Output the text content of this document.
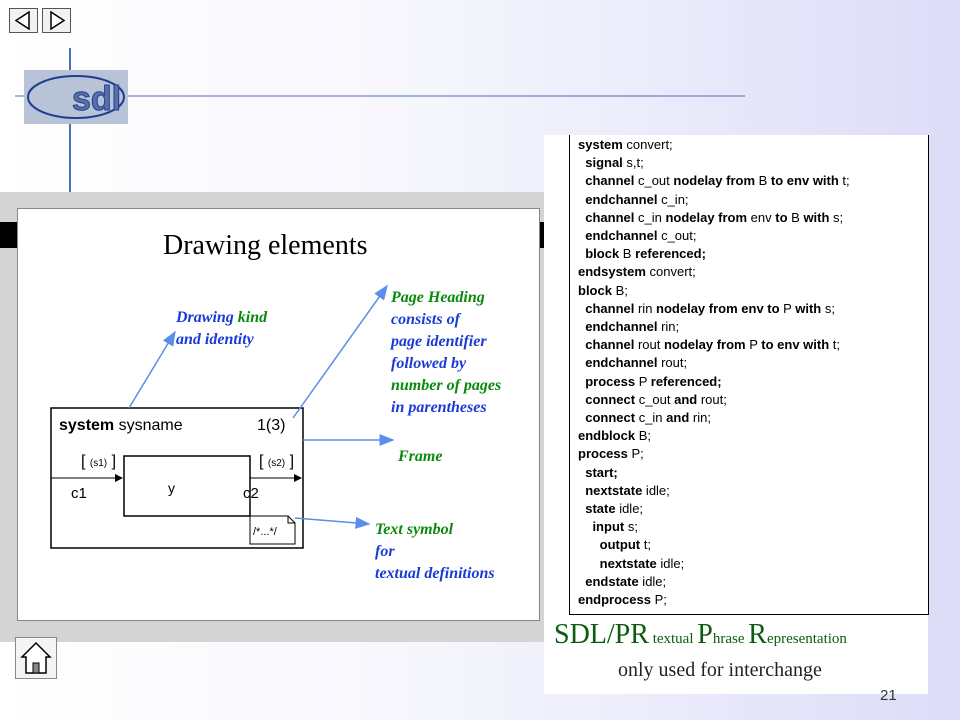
sdl
Drawing elements
Drawing kind and identity
Page Heading consists of page identifier followed by number of pages in parentheses
Frame
Text symbol for textual definitions
system sysname	1(3)
y
[ (s1) ]	[ (s2) ]
c1	c2
/*...*/
system convert;
signal s,t;
channel c_out nodelay from B to env with t;
endchannel c_in;
channel c_in nodelay from env to B with s;
endchannel c_out;
block B referenced;
endsystem convert;
block B;
channel rin nodelay from env to P with s;
endchannel rin;
channel rout nodelay from P to env with t;
endchannel rout;
process P referenced;
connect c_out and rout;
connect c_in and rin;
endblock B;
process P;
start;
nextstate idle;
state idle;
input s;
output t;
nextstate idle;
endstate idle;
endprocess P;
SDL/PR textual Phrase Representation
only used for interchange
21
